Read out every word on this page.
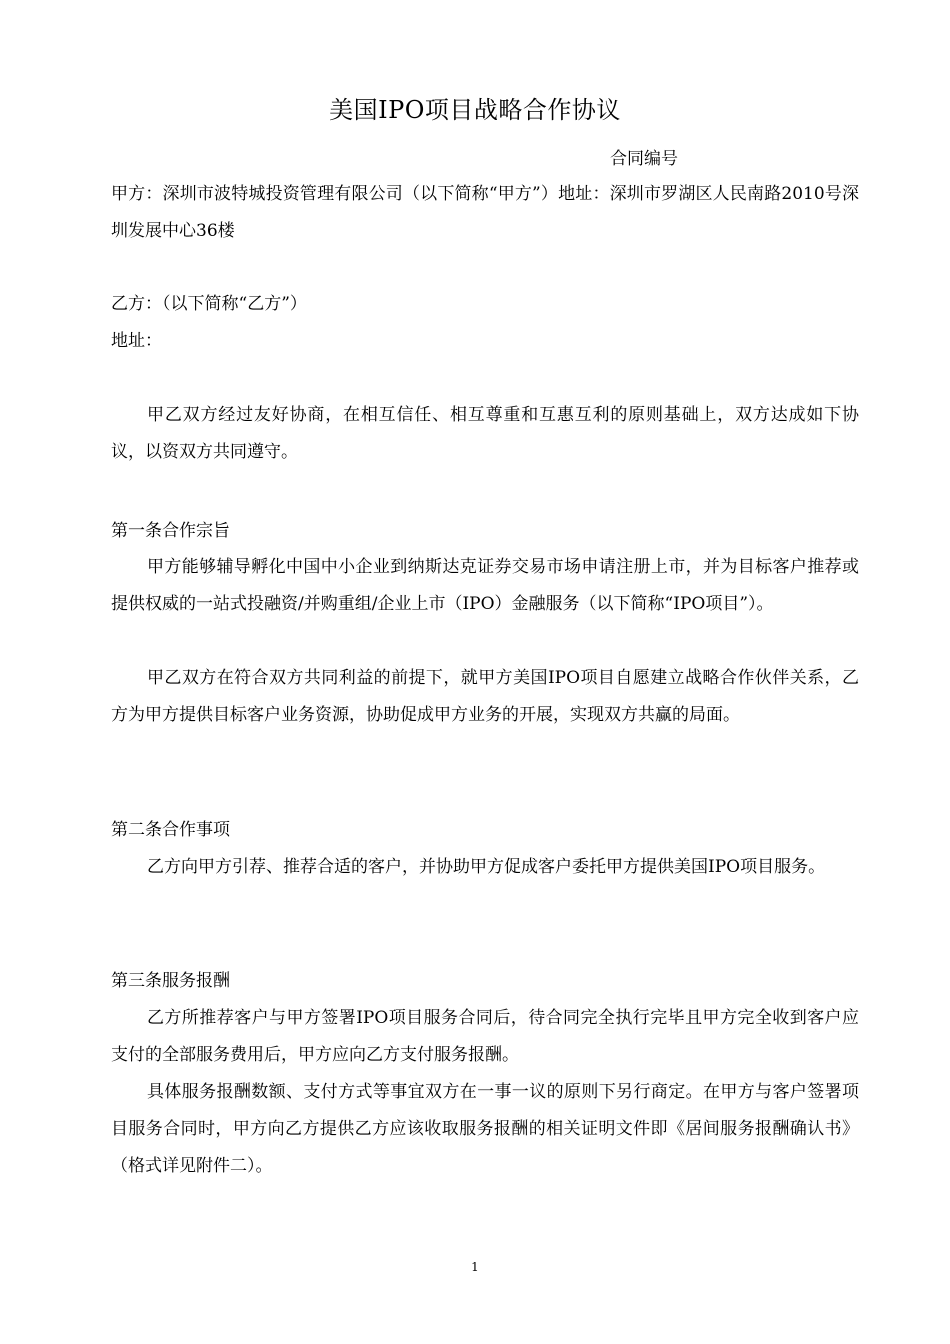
美国IPO项目战略合作协议
合同编号
甲方：深圳市波特城投资管理有限公司（以下简称“甲方”）地址：深圳市罗湖区人民南路2010号深圳发展中心36楼
乙方：（以下简称“乙方”）
地址：
甲乙双方经过友好协商，在相互信任、相互尊重和互惠互利的原则基础上，双方达成如下协议，以资双方共同遵守。
第一条合作宗旨
甲方能够辅导孵化中国中小企业到纳斯达克证券交易市场申请注册上市，并为目标客户推荐或提供权威的一站式投融资/并购重组/企业上市（IPO）金融服务（以下简称“IPO项目”）。
甲乙双方在符合双方共同利益的前提下，就甲方美国IPO项目自愿建立战略合作伙伴关系，乙方为甲方提供目标客户业务资源，协助促成甲方业务的开展，实现双方共赢的局面。
第二条合作事项
乙方向甲方引荐、推荐合适的客户，并协助甲方促成客户委托甲方提供美国IPO项目服务。
第三条服务报酬
乙方所推荐客户与甲方签署IPO项目服务合同后，待合同完全执行完毕且甲方完全收到客户应支付的全部服务费用后，甲方应向乙方支付服务报酬。
具体服务报酬数额、支付方式等事宜双方在一事一议的原则下另行商定。在甲方与客户签署项目服务合同时，甲方向乙方提供乙方应该收取服务报酬的相关证明文件即《居间服务报酬确认书》（格式详见附件二）。
1
